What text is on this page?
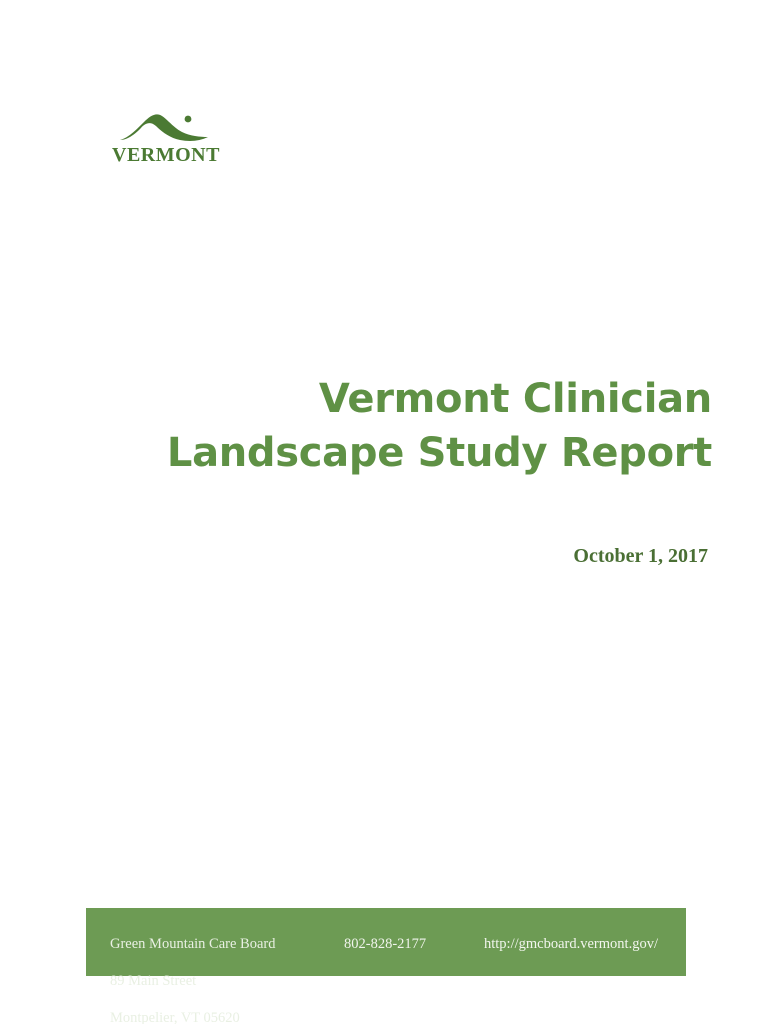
VERMONT
Vermont Clinician
Landscape Study Report
October 1, 2017

Green Mountain Care Board

89 Main Street

Montpelier, VT 05620

802-828-2177	http://gmcboard.vermont.gov/
